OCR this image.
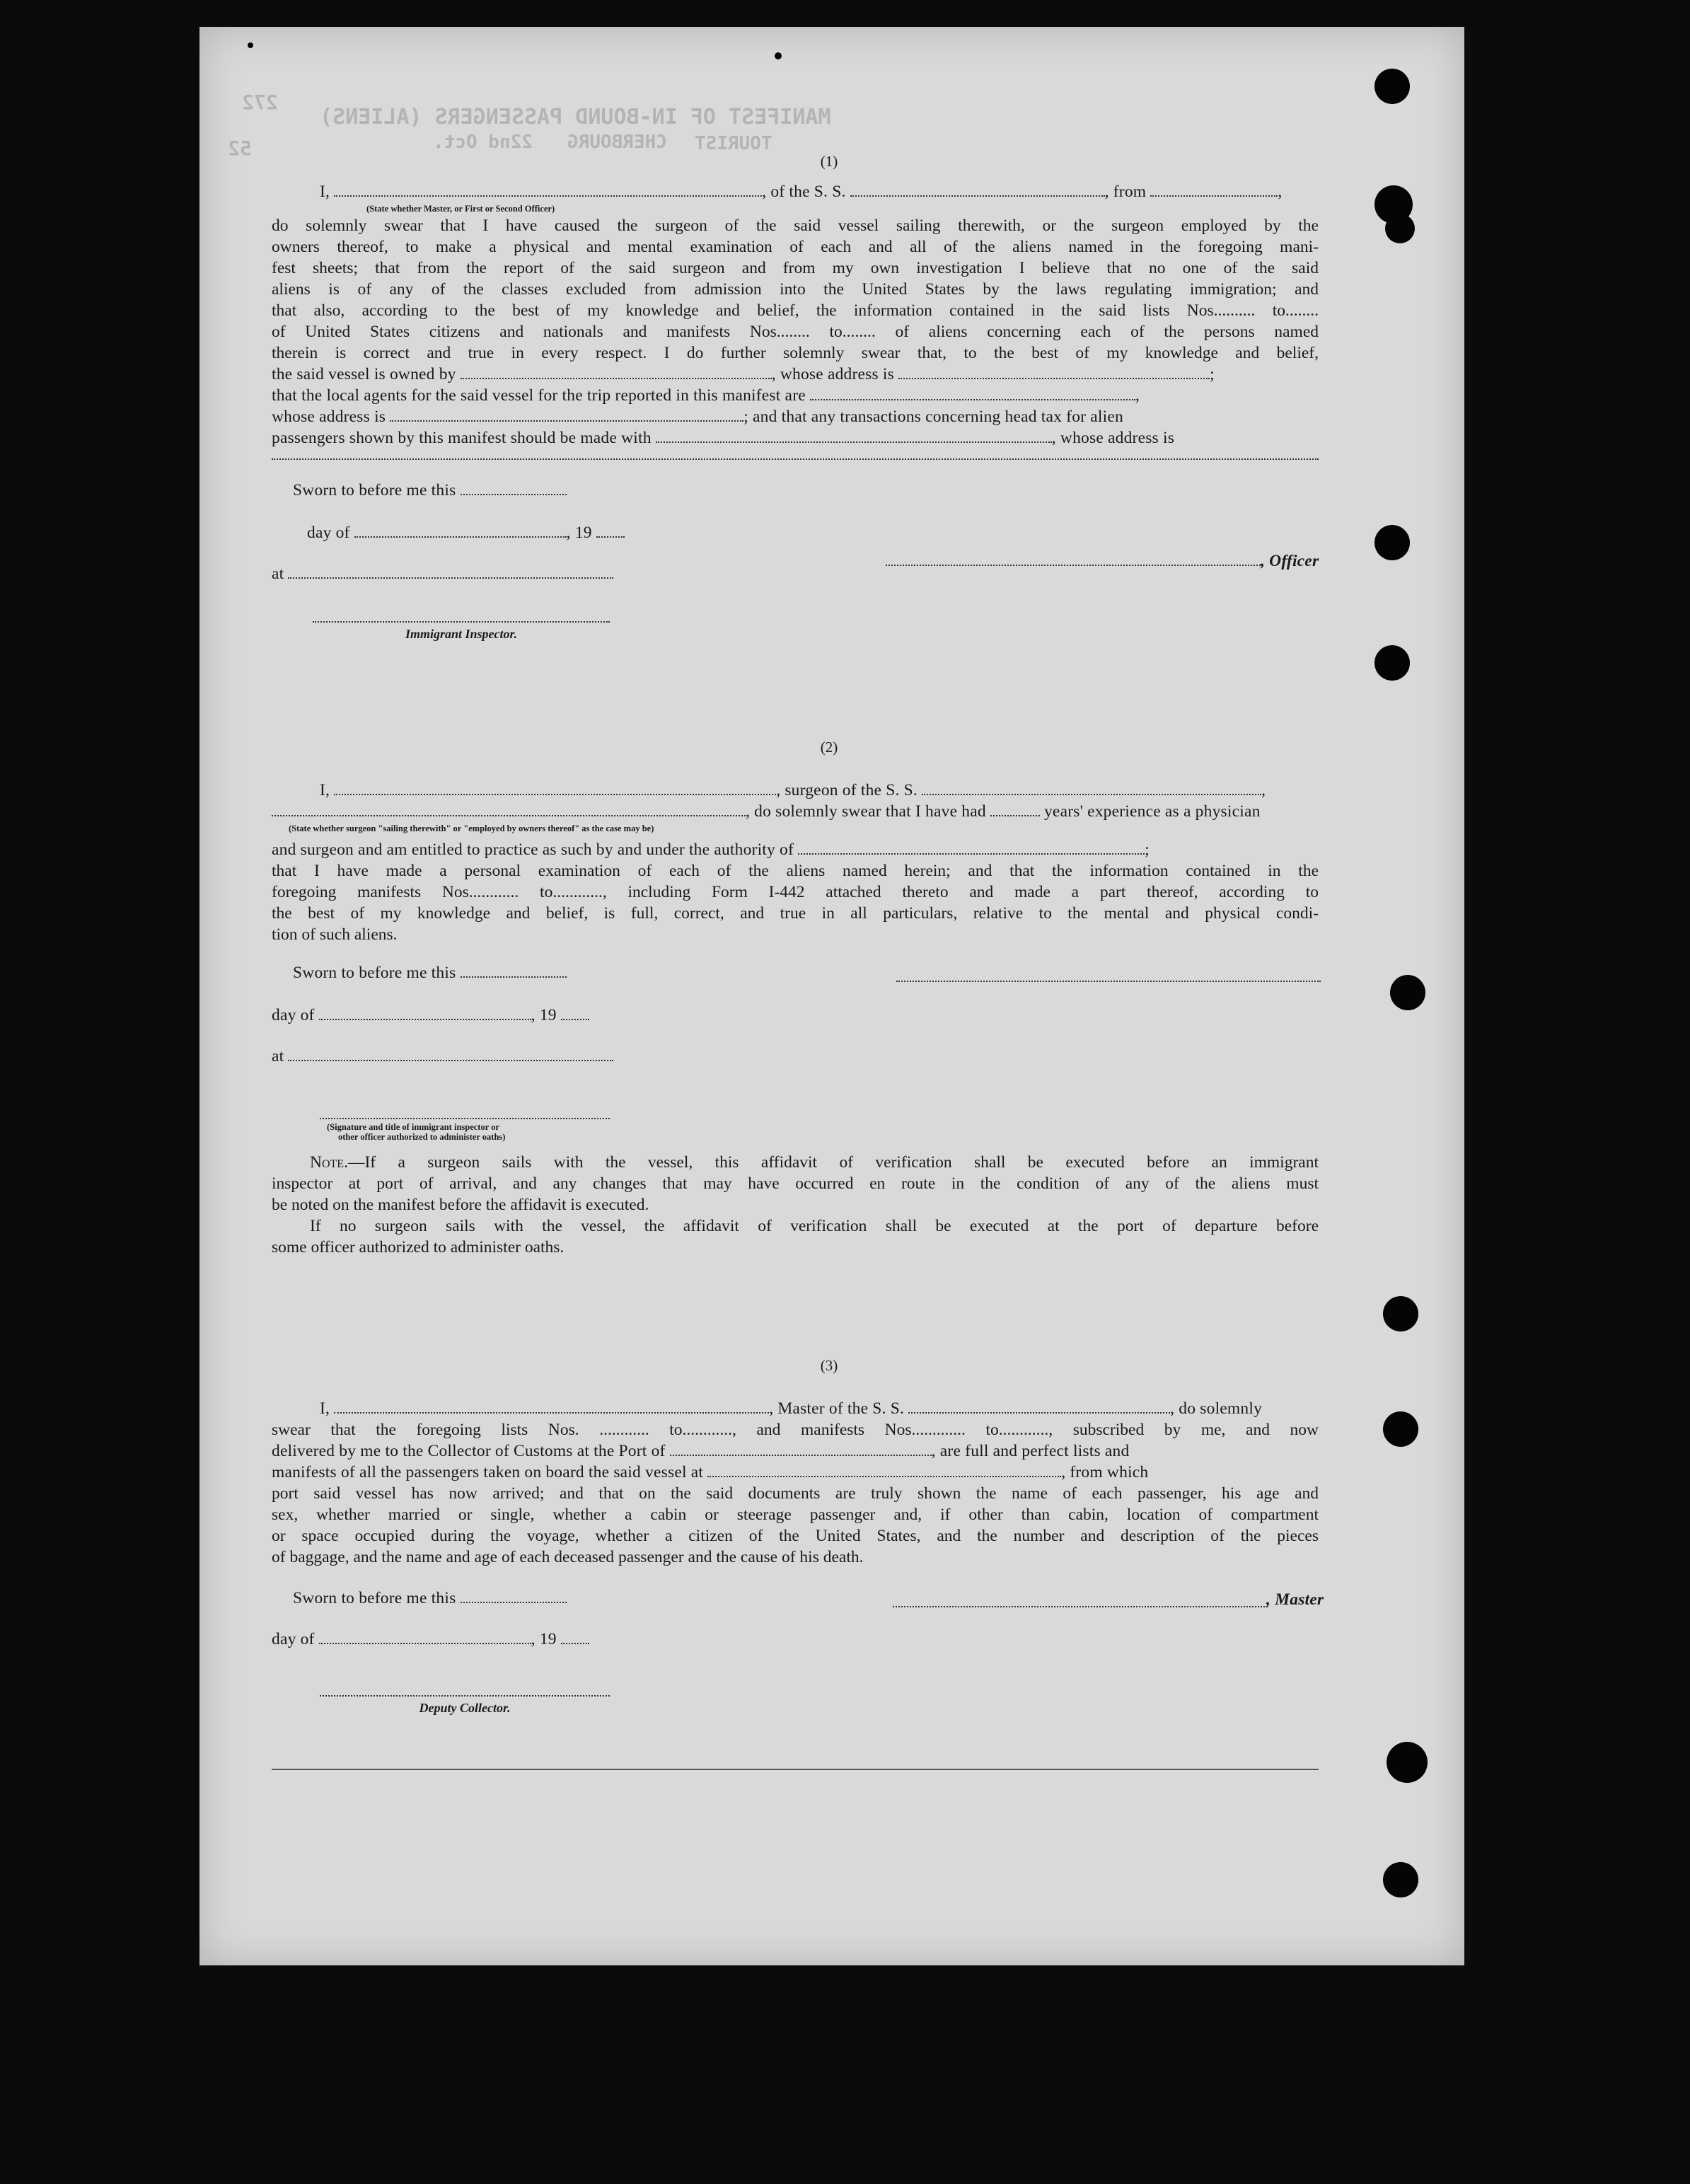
MANIFEST OF IN-BOUND PASSENGERS (ALIENS)
CHERBOURG
22nd Oct.	TOURIST
52
272
(1)
I,	, of the S. S.	, from	,
(State whether Master, or First or Second Officer)
do solemnly swear that I have caused the surgeon of the said vessel sailing therewith, or the surgeon employed by the
owners thereof, to make a physical and mental examination of each and all of the aliens named in the foregoing mani-
fest sheets; that from the report of the said surgeon and from my own investigation I believe that no one of the said
aliens is of any of the classes excluded from admission into the United States by the laws regulating immigration; and
that also, according to the best of my knowledge and belief, the information contained in the said lists Nos.......... to........
of United States citizens and nationals and manifests Nos........ to........ of aliens concerning each of the persons named
therein is correct and true in every respect. I do further solemnly swear that, to the best of my knowledge and belief,
the said vessel is owned by	, whose address is	;
that the local agents for the said vessel for the trip reported in this manifest are	,
whose address is	; and that any transactions concerning head tax for alien
passengers shown by this manifest should be made with	, whose address is
Sworn to before me this
day of	, 19
at
, Officer
Immigrant Inspector.
(2)
I,	, surgeon of the S. S.	,
, do solemnly swear that I have had	years' experience as a physician
(State whether surgeon "sailing therewith" or "employed by owners thereof" as the case may be)
and surgeon and am entitled to practice as such by and under the authority of	;
that I have made a personal examination of each of the aliens named herein; and that the information contained in the
foregoing manifests Nos............ to............, including Form I-442 attached thereto and made a part thereof, according to
the best of my knowledge and belief, is full, correct, and true in all particulars, relative to the mental and physical condi-
tion of such aliens.
Sworn to before me this
day of	, 19
at
(Signature and title of immigrant inspector or
other officer authorized to administer oaths)
Note.—If a surgeon sails with the vessel, this affidavit of verification shall be executed before an immigrant
inspector at port of arrival, and any changes that may have occurred en route in the condition of any of the aliens must
be noted on the manifest before the affidavit is executed.
If no surgeon sails with the vessel, the affidavit of verification shall be executed at the port of departure before
some officer authorized to administer oaths.
(3)
I,	, Master of the S. S.	, do solemnly
swear that the foregoing lists Nos. ............ to............, and manifests Nos............. to............, subscribed by me, and now
delivered by me to the Collector of Customs at the Port of	, are full and perfect lists and
manifests of all the passengers taken on board the said vessel at	, from which
port said vessel has now arrived; and that on the said documents are truly shown the name of each passenger, his age and
sex, whether married or single, whether a cabin or steerage passenger and, if other than cabin, location of compartment
or space occupied during the voyage, whether a citizen of the United States, and the number and description of the pieces
of baggage, and the name and age of each deceased passenger and the cause of his death.
Sworn to before me this	, Master
day of	, 19
Deputy Collector.
